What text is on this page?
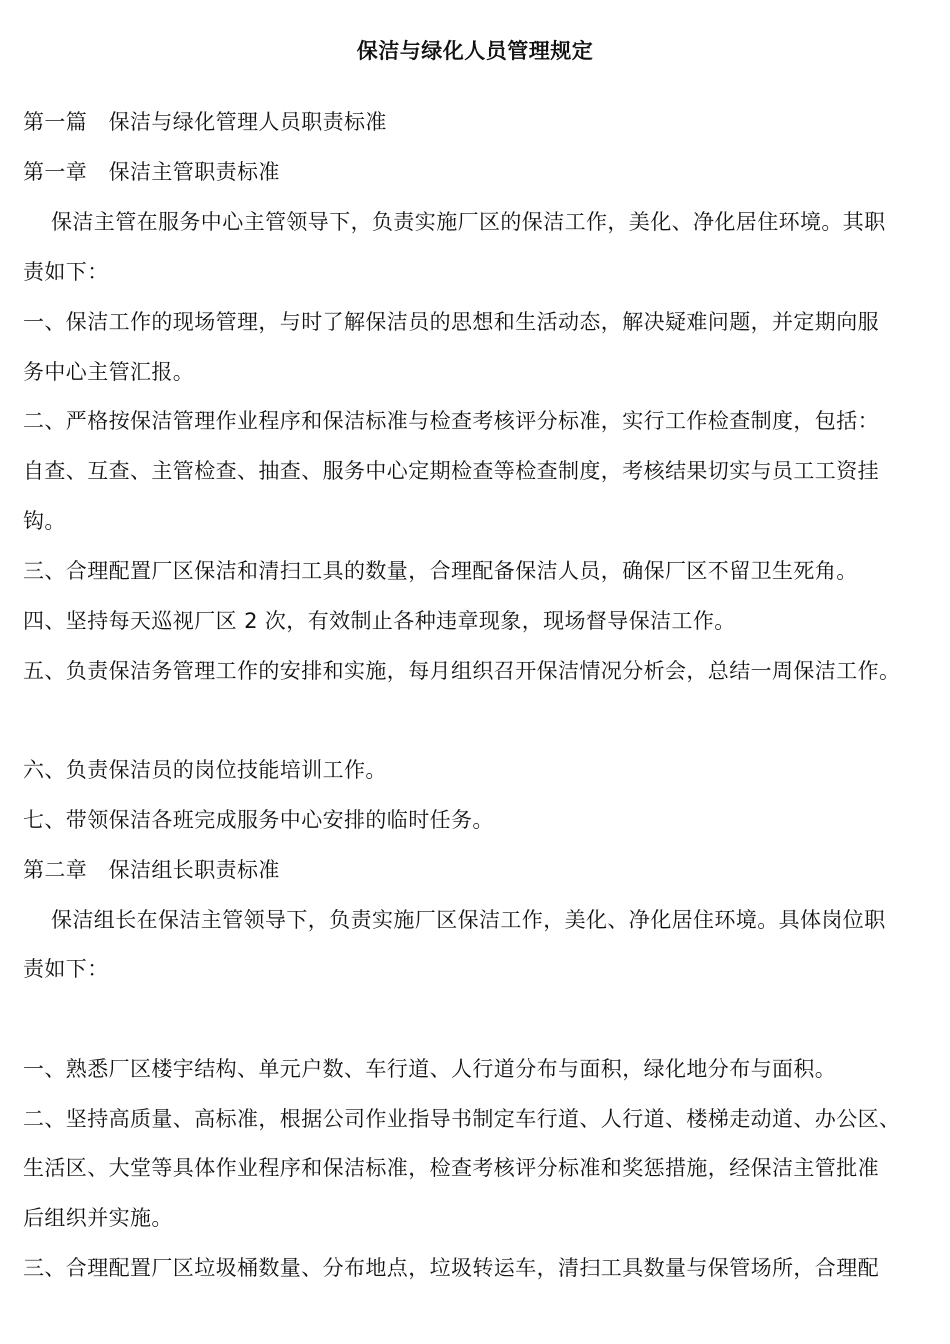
保洁与绿化人员管理规定
第一篇　保洁与绿化管理人员职责标准
第一章　保洁主管职责标准
保洁主管在服务中心主管领导下，负责实施厂区的保洁工作，美化、净化居住环境。其职
责如下：
一、保洁工作的现场管理，与时了解保洁员的思想和生活动态，解决疑难问题，并定期向服
务中心主管汇报。
二、严格按保洁管理作业程序和保洁标准与检查考核评分标准，实行工作检查制度，包括：
自查、互查、主管检查、抽查、服务中心定期检查等检查制度，考核结果切实与员工工资挂
钩。
三、合理配置厂区保洁和清扫工具的数量，合理配备保洁人员，确保厂区不留卫生死角。
四、坚持每天巡视厂区 2 次，有效制止各种违章现象，现场督导保洁工作。
五、负责保洁务管理工作的安排和实施，每月组织召开保洁情况分析会，总结一周保洁工作。
六、负责保洁员的岗位技能培训工作。
七、带领保洁各班完成服务中心安排的临时任务。
第二章　保洁组长职责标准
保洁组长在保洁主管领导下，负责实施厂区保洁工作，美化、净化居住环境。具体岗位职
责如下：
一、熟悉厂区楼宇结构、单元户数、车行道、人行道分布与面积，绿化地分布与面积。
二、坚持高质量、高标准，根据公司作业指导书制定车行道、人行道、楼梯走动道、办公区、
生活区、大堂等具体作业程序和保洁标准，检查考核评分标准和奖惩措施，经保洁主管批准
后组织并实施。
三、合理配置厂区垃圾桶数量、分布地点，垃圾转运车，清扫工具数量与保管场所，合理配
